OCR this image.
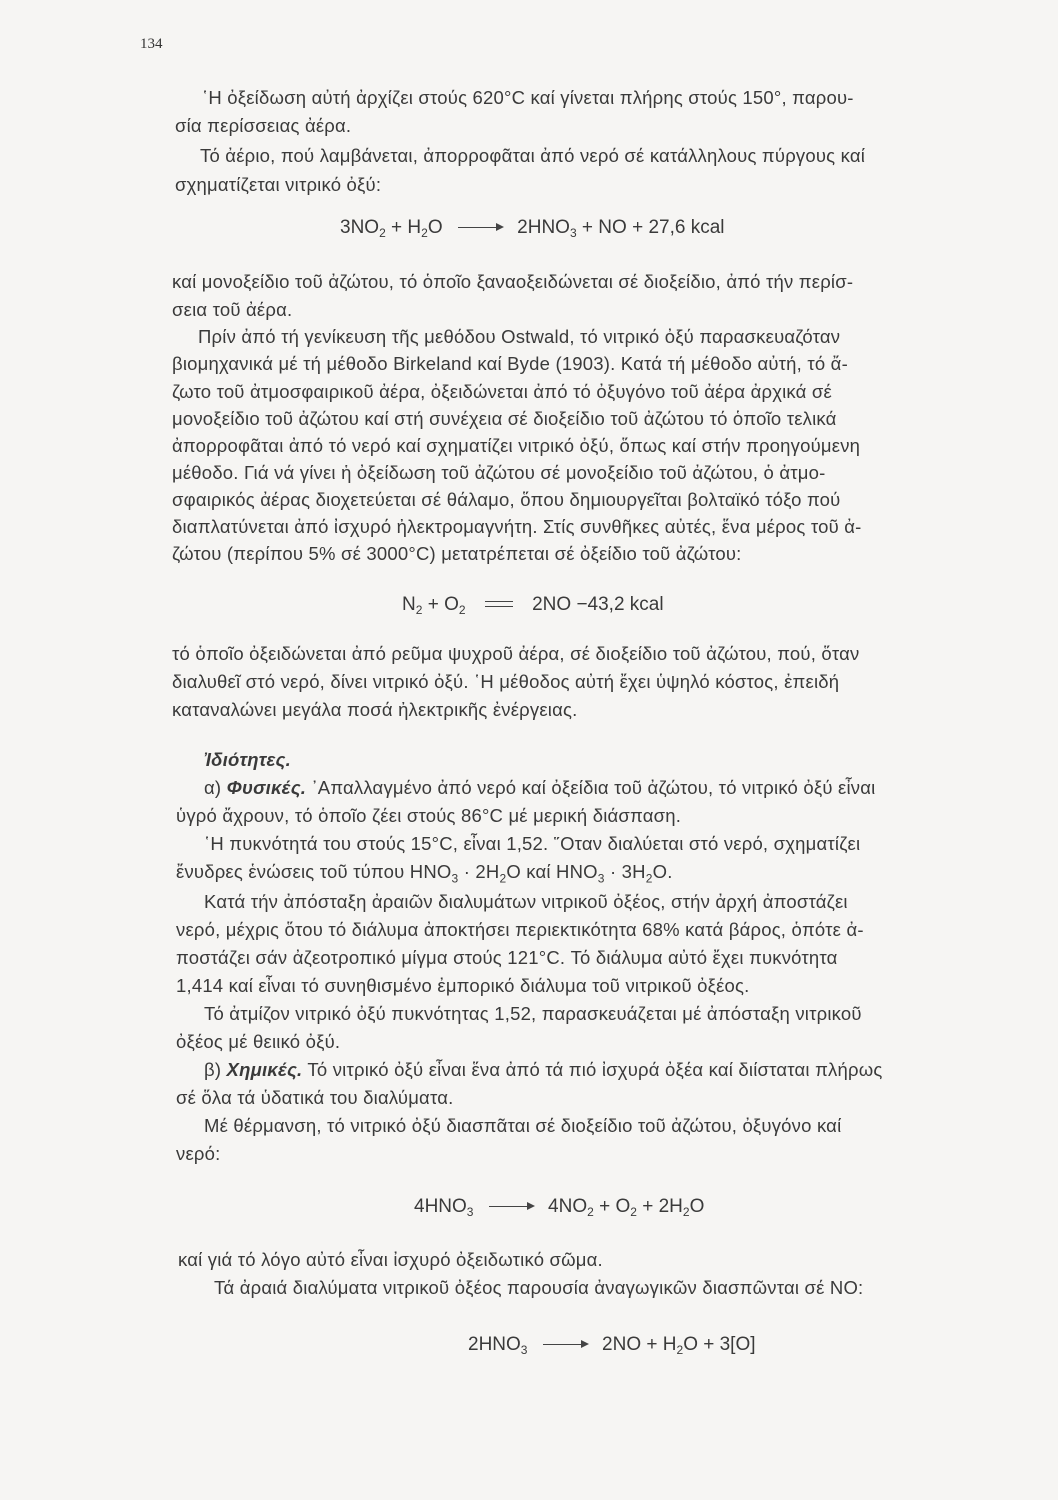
134
῾Η ὀξείδωση αὐτή ἀρχίζει στούς 620°C καί γίνεται πλήρης στούς 150°, παρου-
σία περίσσειας ἀέρα.
Τό ἀέριο, πού λαμβάνεται, ἀπορροφᾶται ἀπό νερό σέ κατάλληλους πύργους καί
σχηματίζεται νιτρικό ὀξύ:
$3NO_2 + H_2O \to 2HNO_3$ + NO + 27,6 kcal
καί μονοξείδιο τοῦ ἀζώτου, τό ὁποῖο ξαναοξειδώνεται σέ διοξείδιο, ἀπό τήν περίσ-
σεια τοῦ ἀέρα.
Πρίν ἀπό τή γενίκευση τῆς μεθόδου Ostwald, τό νιτρικό ὀξύ παρασκευαζόταν
βιομηχανικά μέ τή μέθοδο Birkeland καί Byde (1903). Κατά τή μέθοδο αὐτή, τό ἄ-
ζωτο τοῦ ἀτμοσφαιρικοῦ ἀέρα, ὀξειδώνεται ἀπό τό ὀξυγόνο τοῦ ἀέρα ἀρχικά σέ
μονοξείδιο τοῦ ἀζώτου καί στή συνέχεια σέ διοξείδιο τοῦ ἀζώτου τό ὁποῖο τελικά
ἀπορροφᾶται ἀπό τό νερό καί σχηματίζει νιτρικό ὀξύ, ὅπως καί στήν προηγούμενη
μέθοδο. Γιά νά γίνει ἡ ὀξείδωση τοῦ ἀζώτου σέ μονοξείδιο τοῦ ἀζώτου, ὁ ἀτμο-
σφαιρικός ἀέρας διοχετεύεται σέ θάλαμο, ὅπου δημιουργεῖται βολταϊκό τόξο πού
διαπλατύνεται ἀπό ἰσχυρό ἠλεκτρομαγνήτη. Στίς συνθῆκες αὐτές, ἕνα μέρος τοῦ ἀ-
ζώτου (περίπου 5% σέ 3000°C) μετατρέπεται σέ ὀξείδιο τοῦ ἀζώτου:
$N_2 + O_2$	2NO −43,2 kcal
τό ὁποῖο ὀξειδώνεται ἀπό ρεῦμα ψυχροῦ ἀέρα, σέ διοξείδιο τοῦ ἀζώτου, πού, ὅταν
διαλυθεῖ στό νερό, δίνει νιτρικό ὀξύ. ῾Η μέθοδος αὐτή ἔχει ὑψηλό κόστος, ἐπειδή
καταναλώνει μεγάλα ποσά ἠλεκτρικῆς ἐνέργειας.
Ἰδιότητες.
α) Φυσικές. ᾿Απαλλαγμένο ἀπό νερό καί ὀξείδια τοῦ ἀζώτου, τό νιτρικό ὀξύ εἶναι
ὑγρό ἄχρουν, τό ὁποῖο ζέει στούς 86°C μέ μερική διάσπαση.
῾Η πυκνότητά του στούς 15°C, εἶναι 1,52. ῞Οταν διαλύεται στό νερό, σχηματίζει
ἔνυδρες ἑνώσεις τοῦ τύπου $HNO_3 \cdot 2H_2O$ καί $HNO_3 \cdot 3H_2O$.
Κατά τήν ἀπόσταξη ἀραιῶν διαλυμάτων νιτρικοῦ ὀξέος, στήν ἀρχή ἀποστάζει
νερό, μέχρις ὅτου τό διάλυμα ἀποκτήσει περιεκτικότητα 68% κατά βάρος, ὁπότε ἀ-
ποστάζει σάν ἀζεοτροπικό μίγμα στούς 121°C. Τό διάλυμα αὐτό ἔχει πυκνότητα
1,414 καί εἶναι τό συνηθισμένο ἐμπορικό διάλυμα τοῦ νιτρικοῦ ὀξέος.
Τό ἀτμίζον νιτρικό ὀξύ πυκνότητας 1,52, παρασκευάζεται μέ ἀπόσταξη νιτρικοῦ
ὀξέος μέ θειικό ὀξύ.
β) Χημικές. Τό νιτρικό ὀξύ εἶναι ἕνα ἀπό τά πιό ἰσχυρά ὀξέα καί διίσταται πλήρως
σέ ὅλα τά ὑδατικά του διαλύματα.
Μέ θέρμανση, τό νιτρικό ὀξύ διασπᾶται σέ διοξείδιο τοῦ ἀζώτου, ὀξυγόνο καί
νερό:
$4HNO_3 \to 4NO_2 + O_2 + 2H_2O$
καί γιά τό λόγο αὐτό εἶναι ἰσχυρό ὀξειδωτικό σῶμα.
Τά ἀραιά διαλύματα νιτρικοῦ ὀξέος παρουσία ἀναγωγικῶν διασπῶνται σέ NO:
$2HNO_3 \to 2NO + H_2O + 3[O]$
